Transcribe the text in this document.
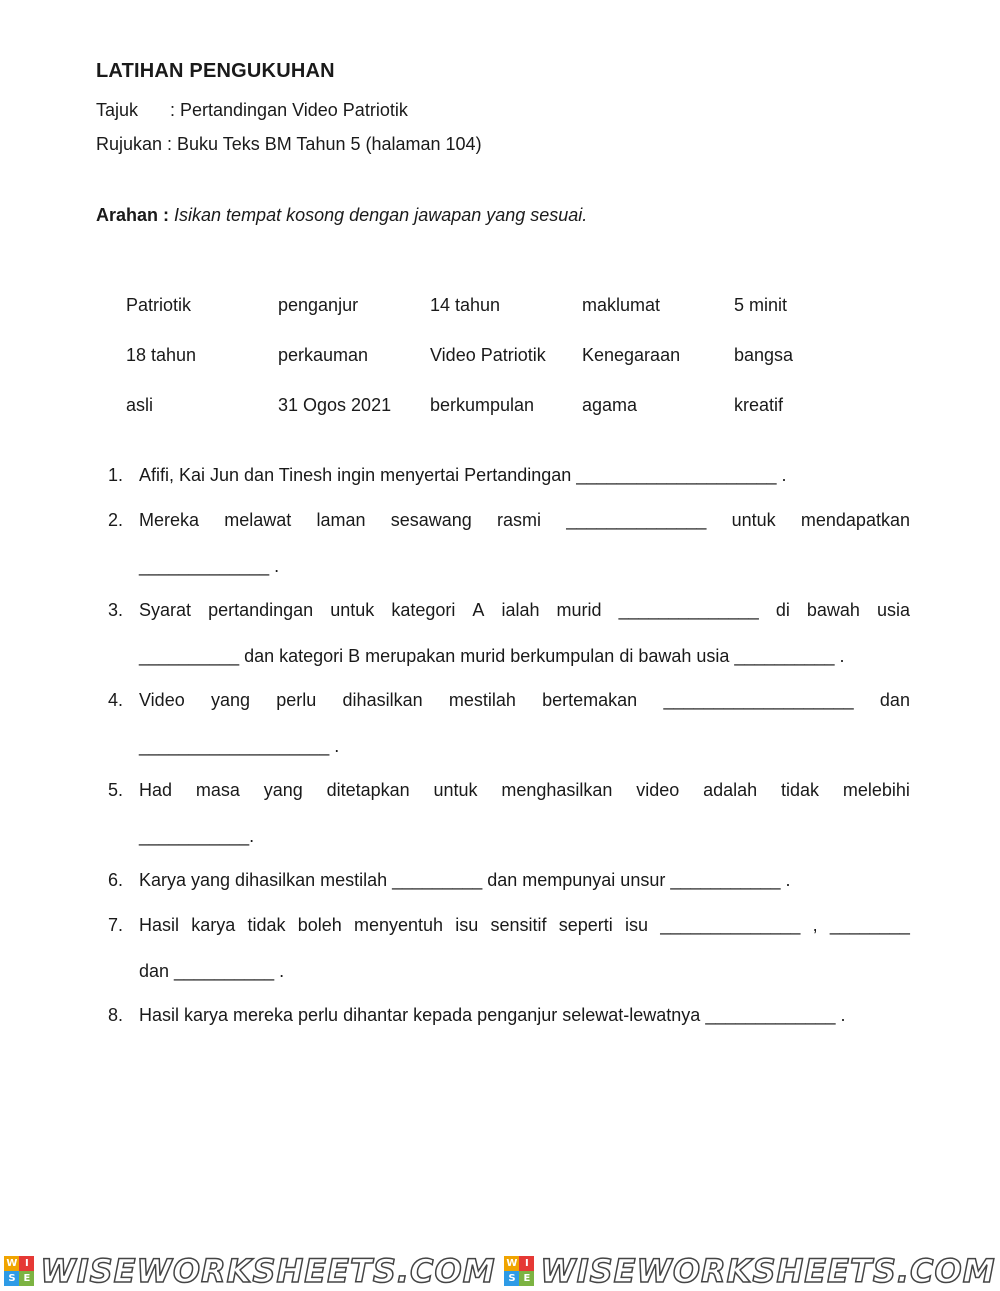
LATIHAN PENGUKUHAN
Tajuk : Pertandingan Video Patriotik
Rujukan : Buku Teks BM Tahun 5 (halaman 104)
Arahan : Isikan tempat kosong dengan jawapan yang sesuai.
Patriotik	penganjur	14 tahun	maklumat	5 minit
18 tahun	perkauman	Video Patriotik	Kenegaraan	bangsa
asli	31 Ogos 2021	berkumpulan	agama	kreatif
1. Afifi, Kai Jun dan Tinesh ingin menyertai Pertandingan ____________________ .
2. Mereka melawat laman sesawang rasmi ______________ untuk mendapatkan
_____________ .
3. Syarat pertandingan untuk kategori A ialah murid ______________ di bawah usia
__________ dan kategori B merupakan murid berkumpulan di bawah usia __________ .
4. Video yang perlu dihasilkan mestilah bertemakan ___________________ dan
___________________ .
5. Had masa yang ditetapkan untuk menghasilkan video adalah tidak melebihi
___________.
6. Karya yang dihasilkan mestilah _________ dan mempunyai unsur ___________ .
7. Hasil karya tidak boleh menyentuh isu sensitif seperti isu ______________ , ________
dan __________ .
8. Hasil karya mereka perlu dihantar kepada penganjur selewat-lewatnya _____________ .
W I
S E WISEWORKSHEETS.COM W I
S E WISEWORKSHEETS.COM
